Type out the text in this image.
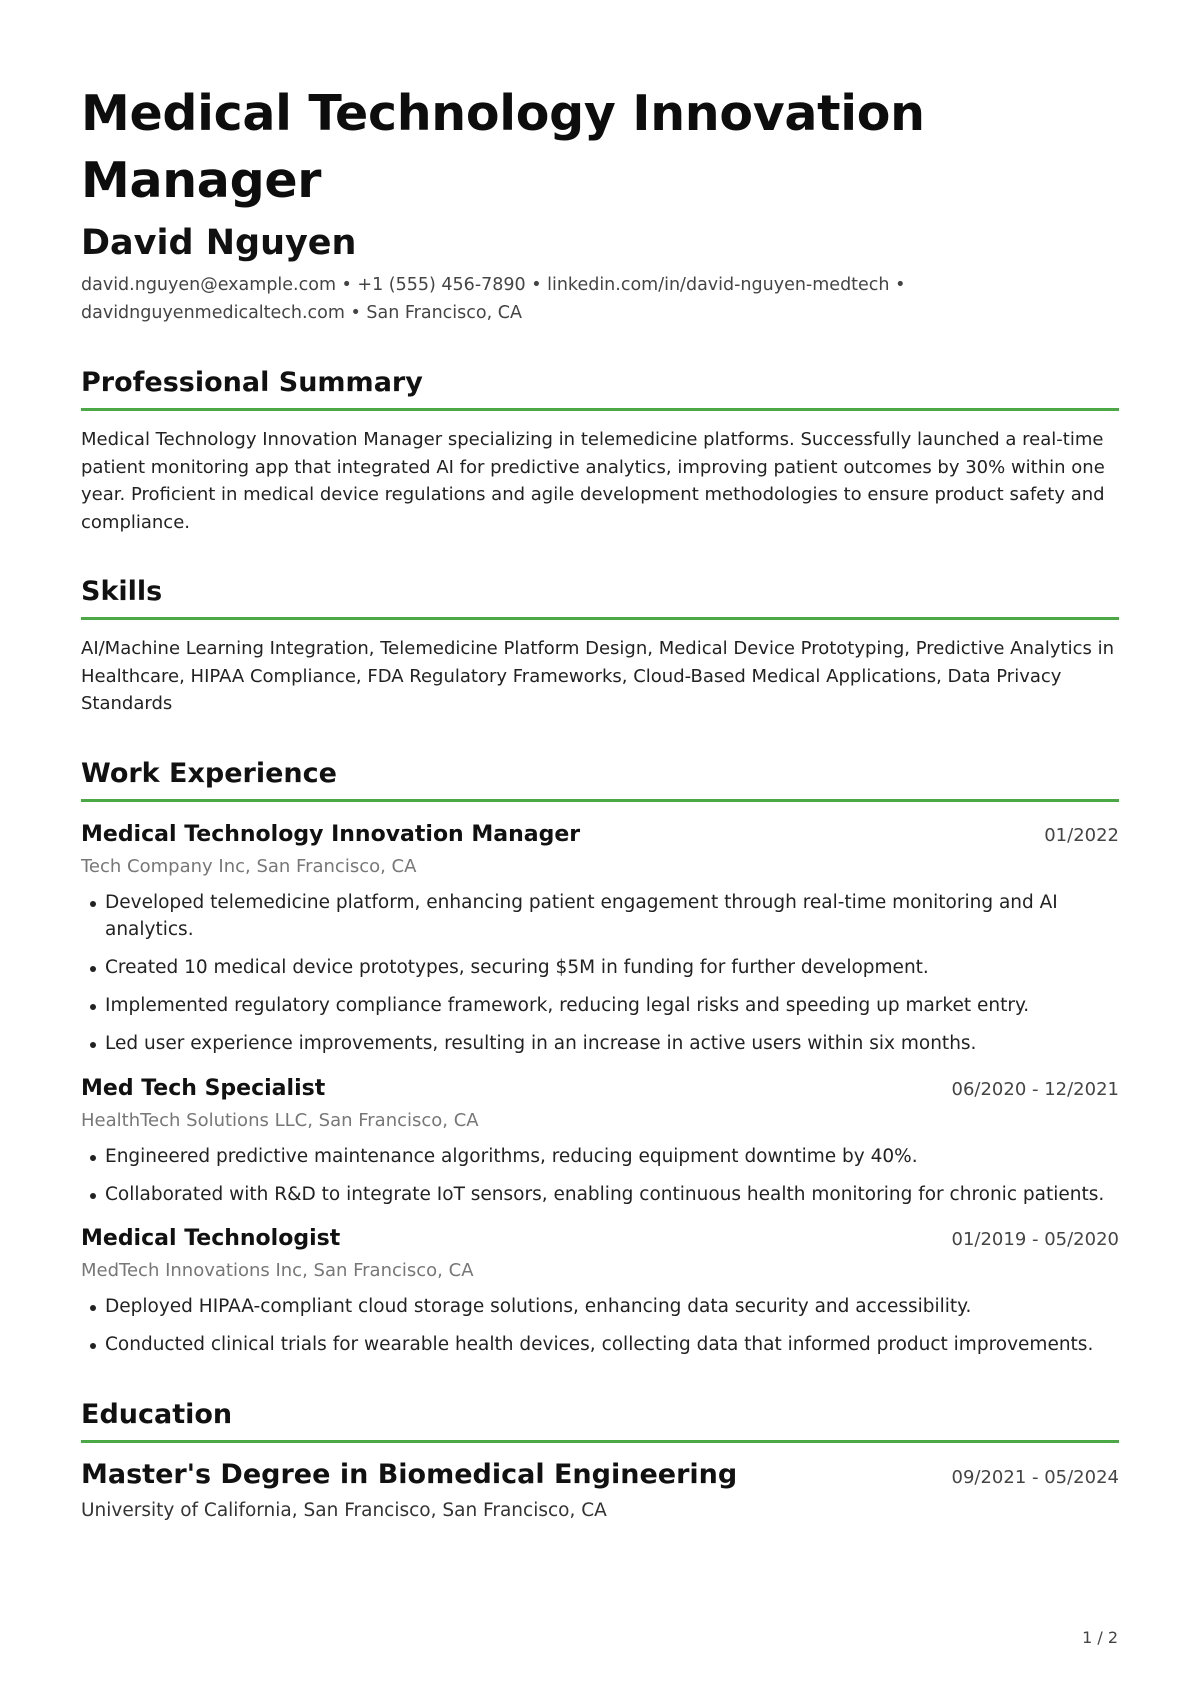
Medical Technology Innovation Manager
David Nguyen
david.nguyen@example.com • +1 (555) 456-7890 • linkedin.com/in/david-nguyen-medtech •
davidnguyenmedicaltech.com • San Francisco, CA
Professional Summary
Medical Technology Innovation Manager specializing in telemedicine platforms. Successfully launched a real-time patient monitoring app that integrated AI for predictive analytics, improving patient outcomes by 30% within one year. Proficient in medical device regulations and agile development methodologies to ensure product safety and compliance.
Skills
AI/Machine Learning Integration, Telemedicine Platform Design, Medical Device Prototyping, Predictive Analytics in Healthcare, HIPAA Compliance, FDA Regulatory Frameworks, Cloud-Based Medical Applications, Data Privacy Standards
Work Experience
Medical Technology Innovation Manager	01/2022
Tech Company Inc, San Francisco, CA
Developed telemedicine platform, enhancing patient engagement through real-time monitoring and AI analytics.
Created 10 medical device prototypes, securing $5M in funding for further development.
Implemented regulatory compliance framework, reducing legal risks and speeding up market entry.
Led user experience improvements, resulting in an increase in active users within six months.
Med Tech Specialist	06/2020 - 12/2021
HealthTech Solutions LLC, San Francisco, CA
Engineered predictive maintenance algorithms, reducing equipment downtime by 40%.
Collaborated with R&D to integrate IoT sensors, enabling continuous health monitoring for chronic patients.
Medical Technologist	01/2019 - 05/2020
MedTech Innovations Inc, San Francisco, CA
Deployed HIPAA-compliant cloud storage solutions, enhancing data security and accessibility.
Conducted clinical trials for wearable health devices, collecting data that informed product improvements.
Education
Master's Degree in Biomedical Engineering	09/2021 - 05/2024
University of California, San Francisco, San Francisco, CA
1 / 2
